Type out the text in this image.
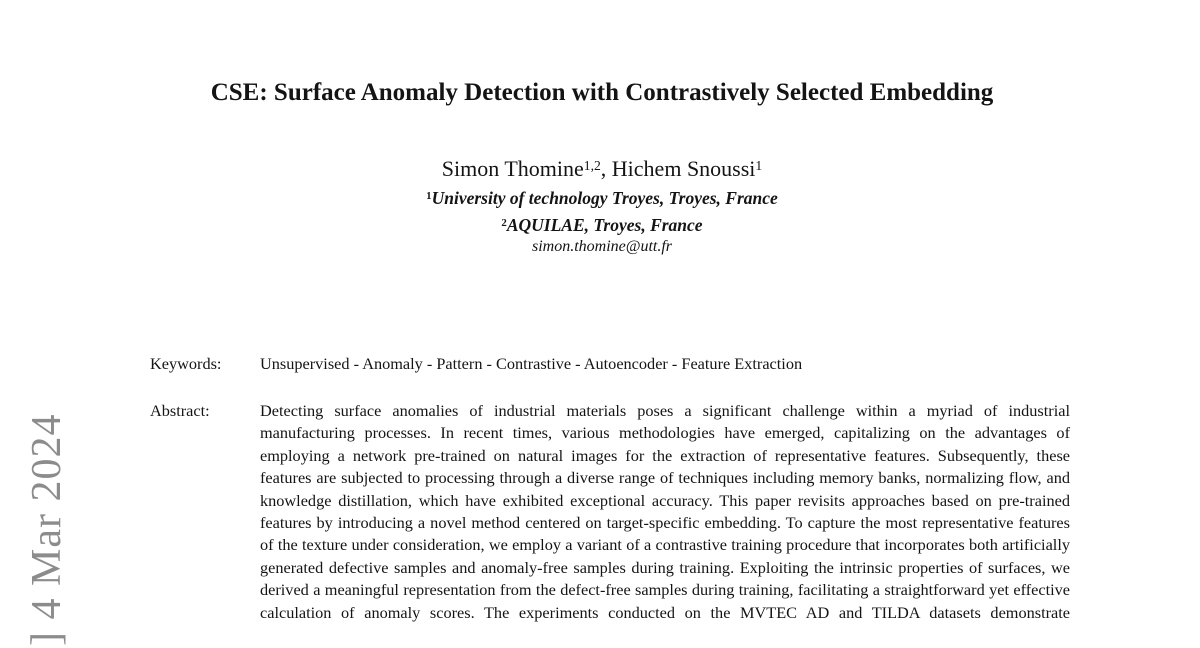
] 4 Mar 2024
CSE: Surface Anomaly Detection with Contrastively Selected Embedding
Simon Thomine$^{1,2}$, Hichem Snoussi$^1$
$^1$University of technology Troyes, Troyes, France
$^2$AQUILAE, Troyes, France
simon.thomine@utt.fr
Keywords: Unsupervised - Anomaly - Pattern - Contrastive - Autoencoder - Feature Extraction
Abstract:	Detecting surface anomalies of industrial materials poses a significant challenge within a myriad of industrial manufacturing processes. In recent times, various methodologies have emerged, capitalizing on the advantages of employing a network pre-trained on natural images for the extraction of representative features. Subsequently, these features are subjected to processing through a diverse range of techniques including memory banks, normalizing flow, and knowledge distillation, which have exhibited exceptional accuracy. This paper revisits approaches based on pre-trained features by introducing a novel method centered on target-specific embedding. To capture the most representative features of the texture under consideration, we employ a variant of a contrastive training procedure that incorporates both artificially generated defective samples and anomaly-free samples during training. Exploiting the intrinsic properties of surfaces, we derived a meaningful representation from the defect-free samples during training, facilitating a straightforward yet effective calculation of anomaly scores. The experiments conducted on the MVTEC AD and TILDA datasets demonstrate
